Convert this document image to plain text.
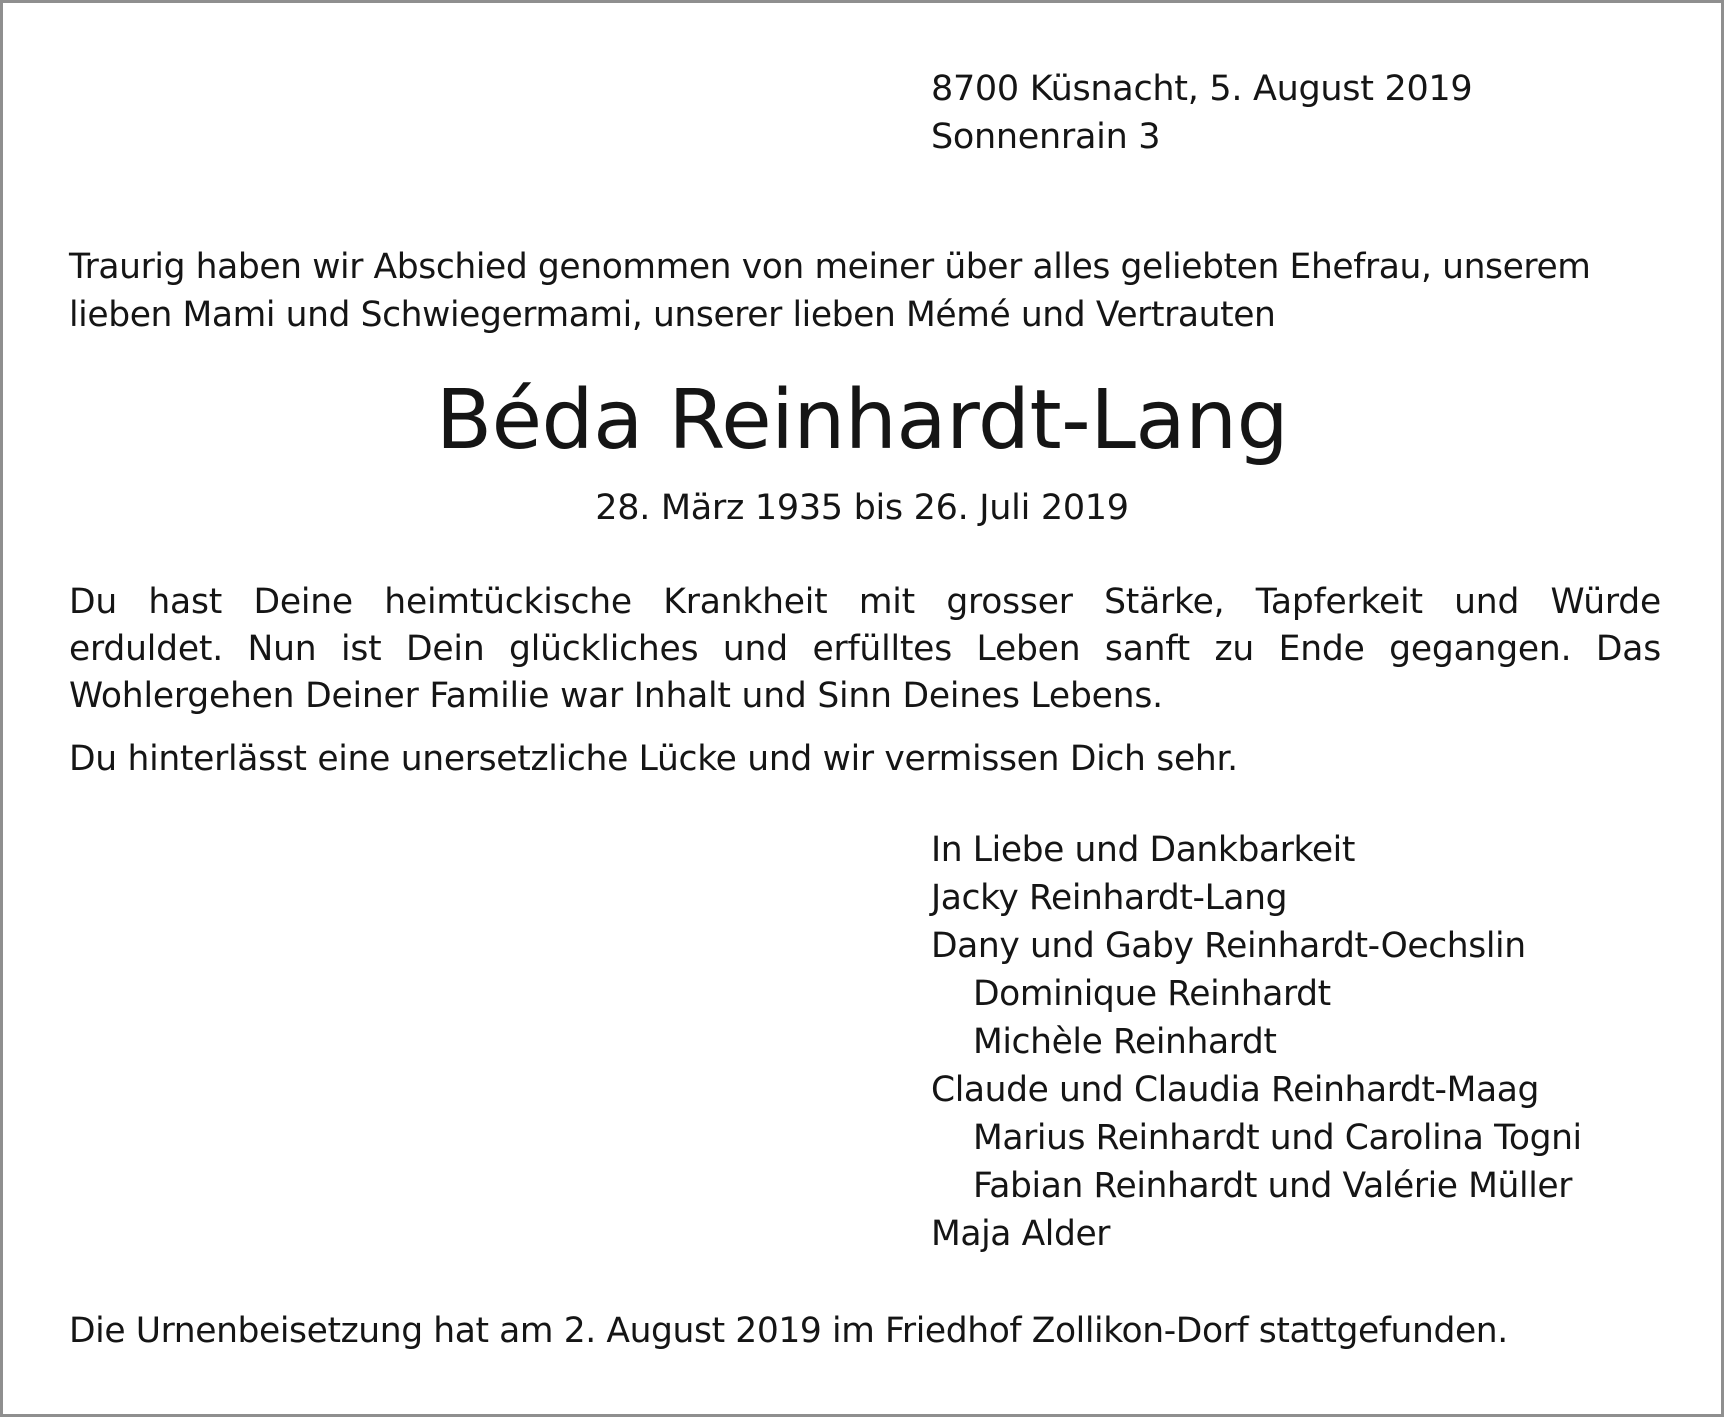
8700 Küsnacht, 5. August 2019
Sonnenrain 3
Traurig haben wir Abschied genommen von meiner über alles geliebten Ehefrau, unserem
lieben Mami und Schwiegermami, unserer lieben Mémé und Vertrauten
Béda Reinhardt-Lang
28. März 1935 bis 26. Juli 2019
Du hast Deine heimtückische Krankheit mit grosser Stärke, Tapferkeit und Würde
erduldet. Nun ist Dein glückliches und erfülltes Leben sanft zu Ende gegangen. Das
Wohlergehen Deiner Familie war Inhalt und Sinn Deines Lebens.
Du hinterlässt eine unersetzliche Lücke und wir vermissen Dich sehr.
In Liebe und Dankbarkeit
Jacky Reinhardt-Lang
Dany und Gaby Reinhardt-Oechslin
Dominique Reinhardt
Michèle Reinhardt
Claude und Claudia Reinhardt-Maag
Marius Reinhardt und Carolina Togni
Fabian Reinhardt und Valérie Müller
Maja Alder
Die Urnenbeisetzung hat am 2. August 2019 im Friedhof Zollikon-Dorf stattgefunden.
